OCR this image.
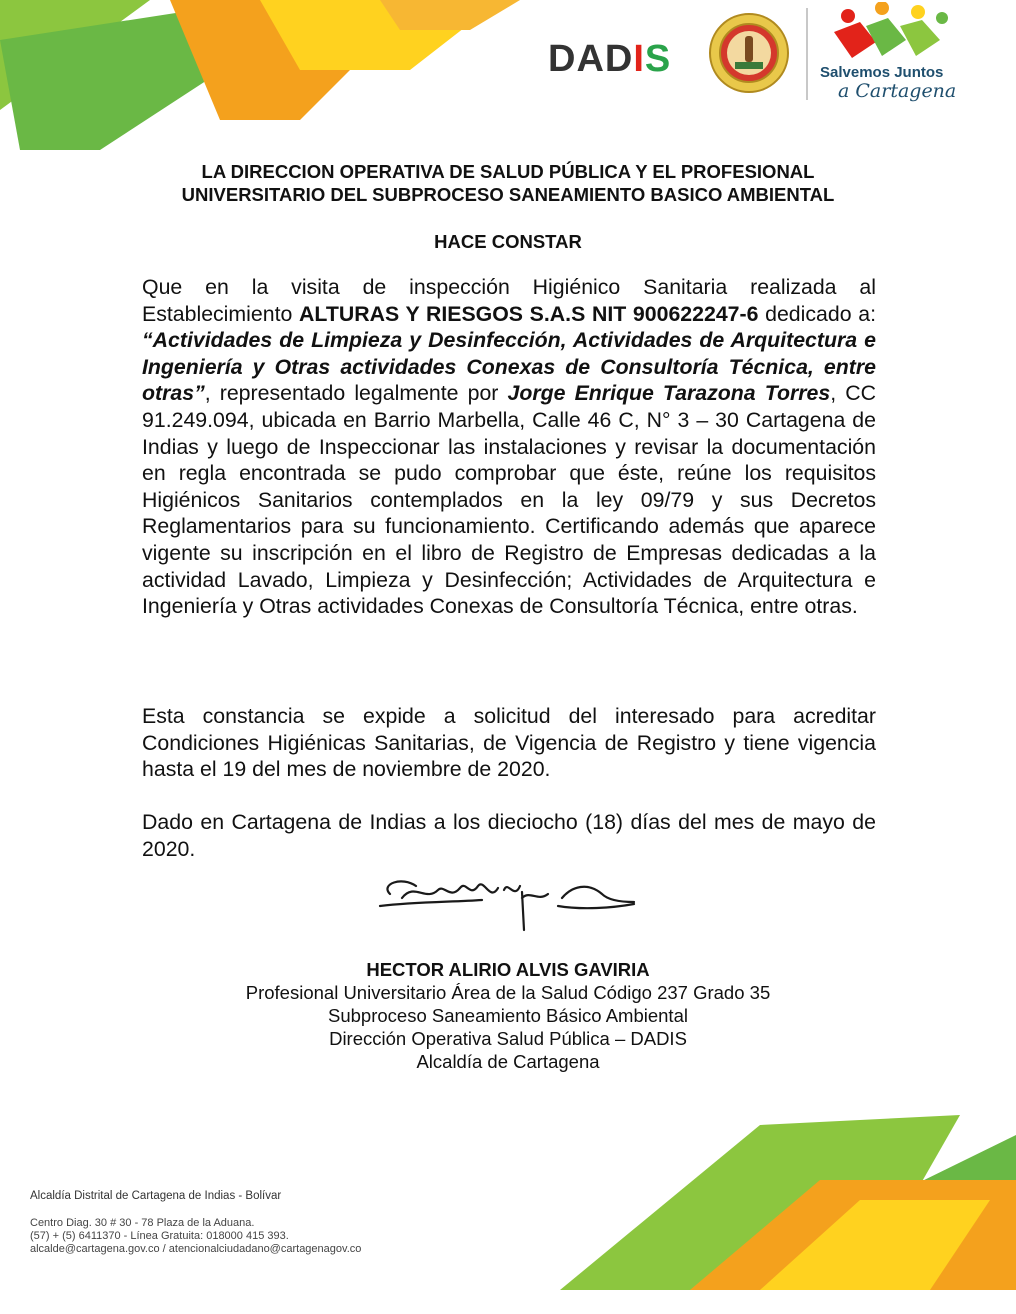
DADIS	Salvemos Juntos
a Cartagena
LA DIRECCION OPERATIVA DE SALUD PÚBLICA Y EL PROFESIONAL
UNIVERSITARIO DEL SUBPROCESO SANEAMIENTO BASICO AMBIENTAL
HACE CONSTAR
Que en la visita de inspección Higiénico Sanitaria realizada al Establecimiento ALTURAS Y RIESGOS S.A.S NIT 900622247-6 dedicado a: “Actividades de Limpieza y Desinfección, Actividades de Arquitectura e Ingeniería y Otras actividades Conexas de Consultoría Técnica, entre otras”, representado legalmente por Jorge Enrique Tarazona Torres, CC 91.249.094, ubicada en Barrio Marbella, Calle 46 C, N° 3 – 30 Cartagena de Indias y luego de Inspeccionar las instalaciones y revisar la documentación en regla encontrada se pudo comprobar que éste, reúne los requisitos Higiénicos Sanitarios contemplados en la ley 09/79 y sus Decretos Reglamentarios para su funcionamiento. Certificando además que aparece vigente su inscripción en el libro de Registro de Empresas dedicadas a la actividad Lavado, Limpieza y Desinfección; Actividades de Arquitectura e Ingeniería y Otras actividades Conexas de Consultoría Técnica, entre otras.
Esta constancia se expide a solicitud del interesado para acreditar Condiciones Higiénicas Sanitarias, de Vigencia de Registro y tiene vigencia hasta el 19 del mes de noviembre de 2020.
Dado en Cartagena de Indias a los dieciocho (18) días del mes de mayo de 2020.
HECTOR ALIRIO ALVIS GAVIRIA
Profesional Universitario Área de la Salud Código 237 Grado 35
Subproceso Saneamiento Básico Ambiental
Dirección Operativa Salud Pública – DADIS
Alcaldía de Cartagena
Alcaldía Distrital de Cartagena de Indias - Bolívar
Centro Diag. 30 # 30 - 78 Plaza de la Aduana.
(57) + (5) 6411370 - Línea Gratuita: 018000 415 393.
alcalde@cartagena.gov.co / atencionalciudadano@cartagenagov.co
